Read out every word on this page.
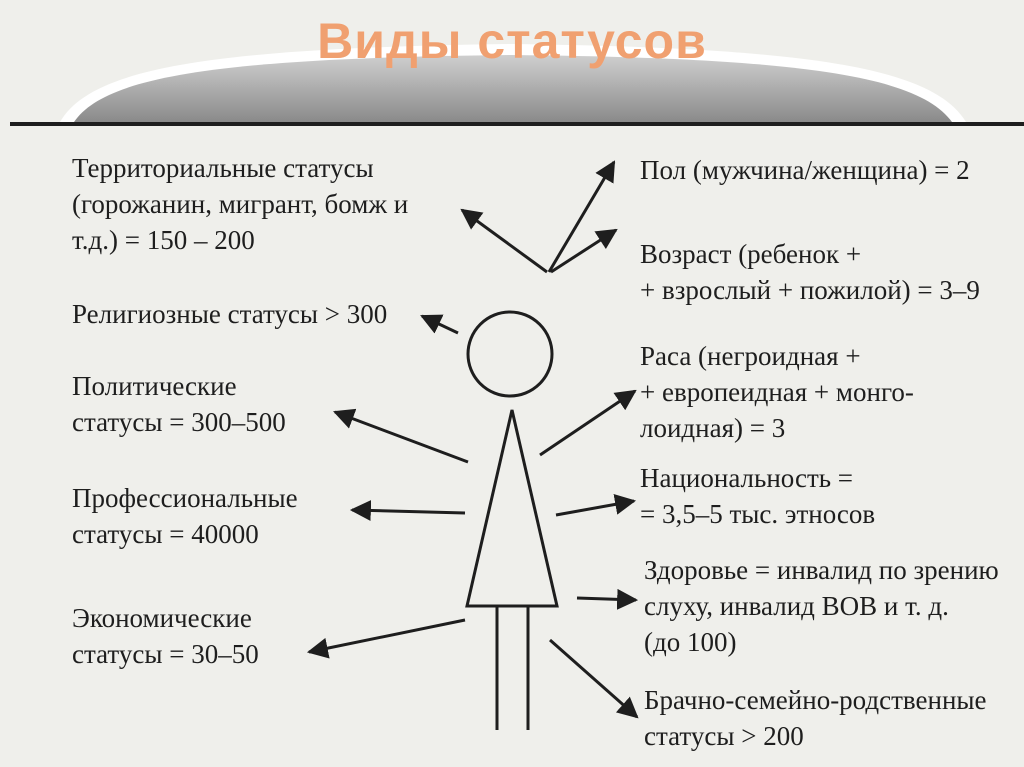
Виды статусов
Территориальные статусы
(горожанин, мигрант, бомж и
т.д.) = 150 – 200
Религиозные статусы > 300
Политические
статусы = 300–500
Профессиональные
статусы = 40000
Экономические
статусы = 30–50
Пол (мужчина/женщина) = 2
Возраст (ребенок +
+ взрослый + пожилой) = 3–9
Раса (негроидная +
+ европеидная + монго-
лоидная) = 3
Национальность =
= 3,5–5 тыс. этносов
Здоровье = инвалид по зрению
слуху, инвалид ВОВ и т. д.
(до 100)
Брачно-семейно-родственные
статусы > 200
